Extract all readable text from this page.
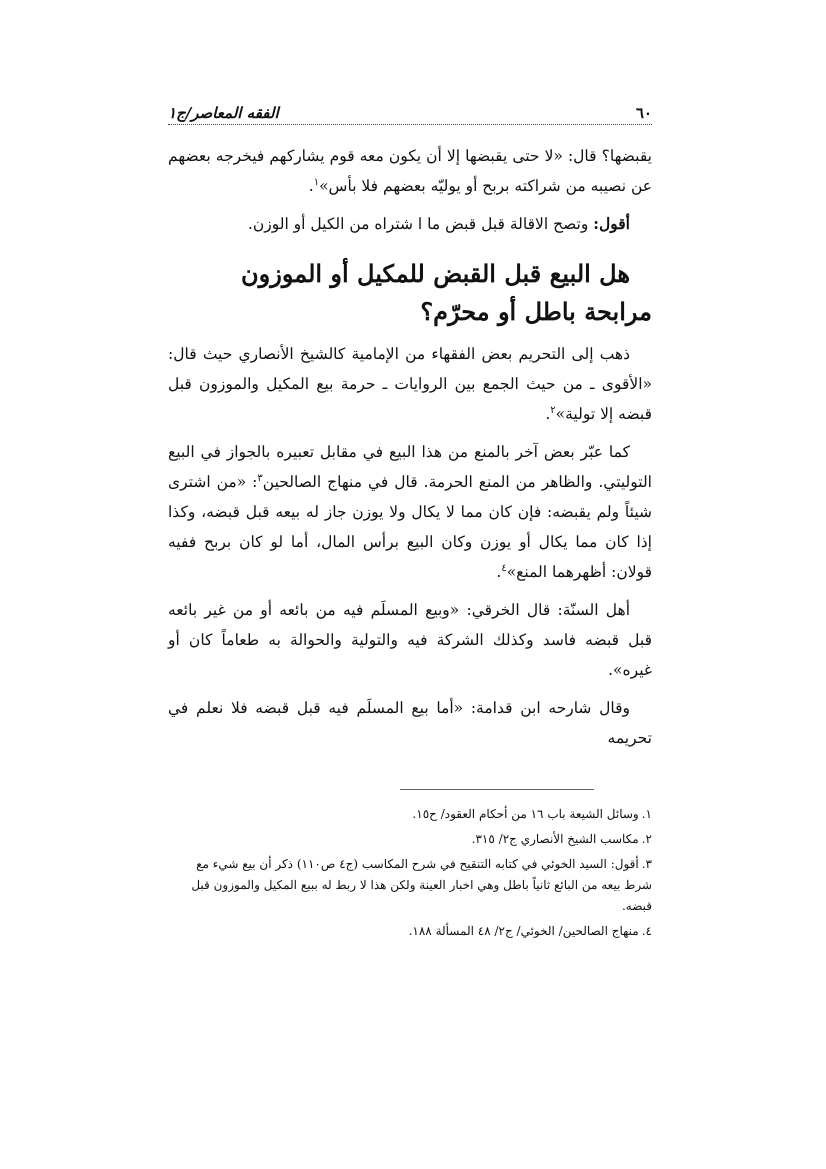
٦٠
الفقه المعاصر/ج١

يقبضها؟ قال: «لا حتى يقبضها إلا أن يكون معه قوم يشاركهم فيخرجه بعضهم عن نصيبه من شراكته بربح أو يوليّه بعضهم فلا بأس»$^١$.

أقول: وتصح الاقالة قبل قبض ما ا شتراه من الكيل أو الوزن.

هل البيع قبل القبض للمكيل أو الموزون مرابحة باطل أو محرّم؟

ذهب إلى التحريم بعض الفقهاء من الإمامية كالشيخ الأنصاري حيث قال: «الأقوى ـ من حيث الجمع بين الروايات ـ حرمة بيع المكيل والموزون قبل قبضه إلا تولية»$^٢$.

كما عبّر بعض آخر بالمنع من هذا البيع في مقابل تعبيره بالجواز في البيع التوليتي. والظاهر من المنع الحرمة. قال في منهاج الصالحين$^٣$: «من اشترى شيئاً ولم يقبضه: فإن كان مما لا يكال ولا يوزن جاز له بيعه قبل قبضه، وكذا إذا كان مما يكال أو يوزن وكان البيع برأس المال، أما لو كان بربح ففيه قولان: أظهرهما المنع»$^٤$.

أهل السنّة: قال الخرقي: «وبيع المسلَم فيه من بائعه أو من غير بائعه قبل قبضه فاسد وكذلك الشركة فيه والتولية والحوالة به طعاماً كان أو غيره».

وقال شارحه ابن قدامة: «أما بيع المسلَم فيه قبل قبضه فلا نعلم في تحريمه

١.وسائل الشيعة باب ١٦ من أحكام العقود/ ح١٥.
٢.مكاسب الشيخ الأنصاري ج٢/ ٣١٥.
٣.أقول: السيد الخوئي في كتابه التنقيح في شرح المكاسب (ج٤ ص١١٠) ذكر أن بيع شيء مع شرط بيعه من البائع ثانياً باطل وهي اخبار العينة ولكن هذا لا ربط له ببيع المكيل والموزون قبل قبضه.
٤.منهاج الصالحين/ الخوئي/ ج٢/ ٤٨ المسألة ١٨٨.
